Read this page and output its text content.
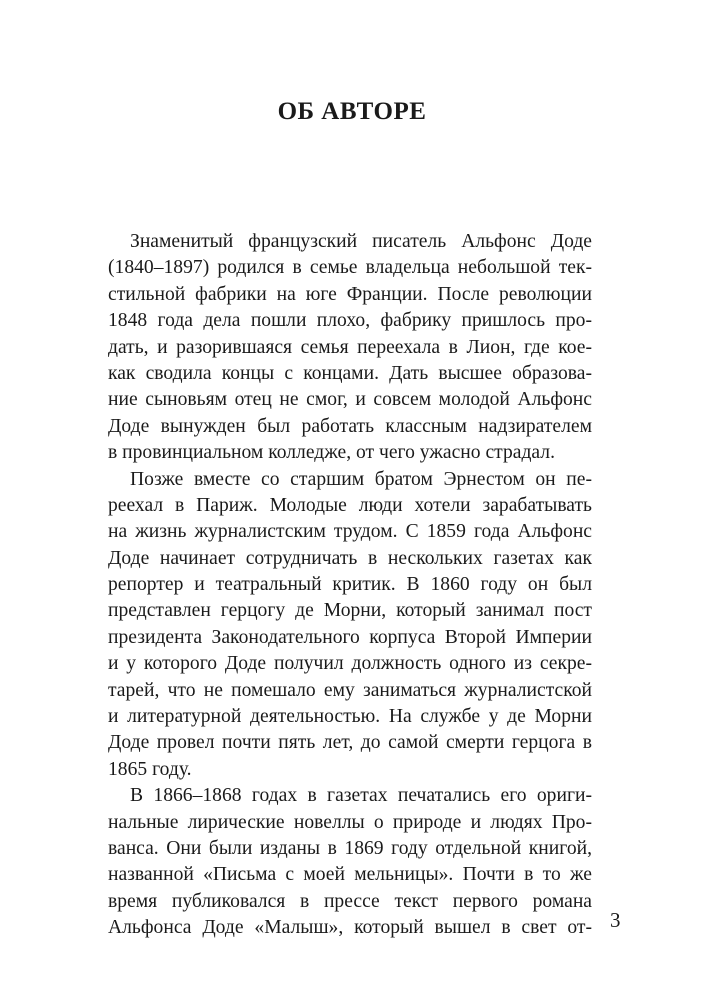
ОБ АВТОРЕ
Знаменитый французский писатель Альфонс Доде
(1840–1897) родился в семье владельца небольшой тек-
стильной фабрики на юге Франции. После революции
1848 года дела пошли плохо, фабрику пришлось про-
дать, и разорившаяся семья переехала в Лион, где кое-
как сводила концы с концами. Дать высшее образова-
ние сыновьям отец не смог, и совсем молодой Альфонс
Доде вынужден был работать классным надзирателем
в провинциальном колледже, от чего ужасно страдал.
Позже вместе со старшим братом Эрнестом он пе-
реехал в Париж. Молодые люди хотели зарабатывать
на жизнь журналистским трудом. С 1859 года Альфонс
Доде начинает сотрудничать в нескольких газетах как
репортер и театральный критик. В 1860 году он был
представлен герцогу де Морни, который занимал пост
президента Законодательного корпуса Второй Империи
и у которого Доде получил должность одного из секре-
тарей, что не помешало ему заниматься журналистской
и литературной деятельностью. На службе у де Морни
Доде провел почти пять лет, до самой смерти герцога в
1865 году.
В 1866–1868 годах в газетах печатались его ориги-
нальные лирические новеллы о природе и людях Про-
ванса. Они были изданы в 1869 году отдельной книгой,
названной «Письма с моей мельницы». Почти в то же
время публиковался в прессе текст первого романа
Альфонса Доде «Малыш», который вышел в свет от- 3
